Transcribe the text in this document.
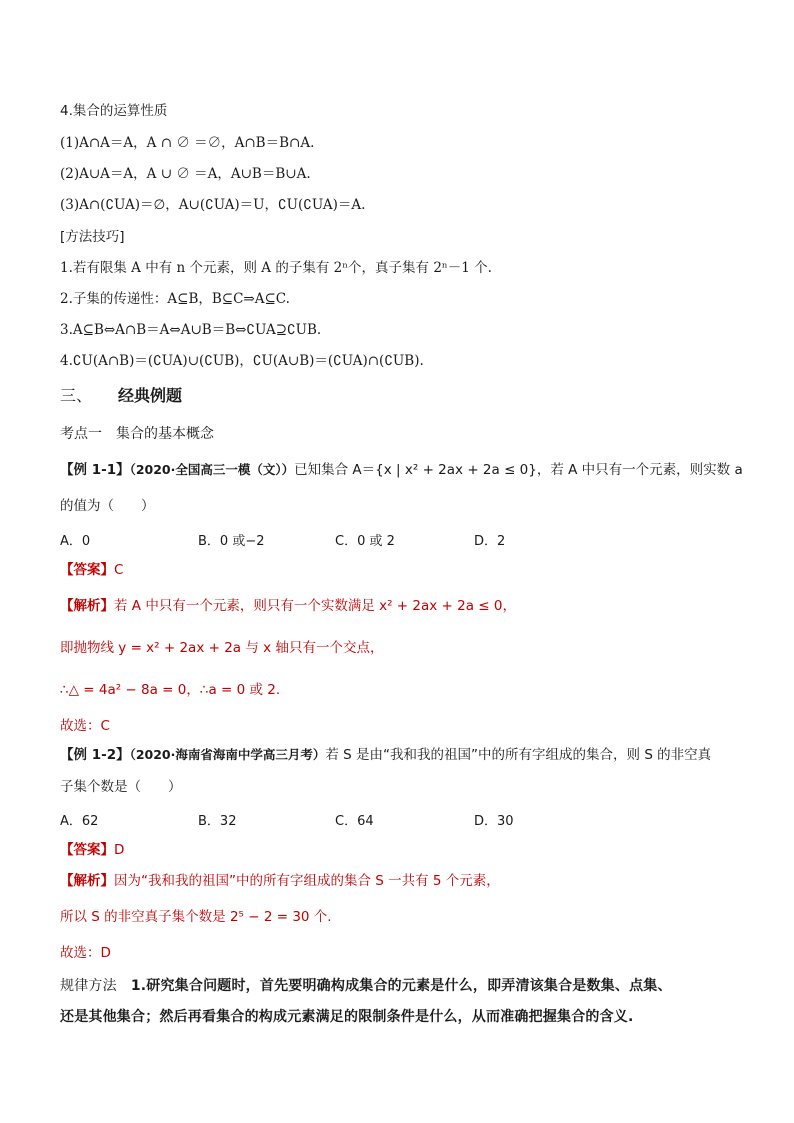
4.集合的运算性质
(1)A∩A＝A，A ∩ ∅ ＝∅，A∩B＝B∩A.
(2)A∪A＝A，A ∪ ∅ ＝A，A∪B＝B∪A.
(3)A∩(∁UA)＝∅，A∪(∁UA)＝U，∁U(∁UA)＝A.
[方法技巧]
1.若有限集 A 中有 n 个元素，则 A 的子集有 2ⁿ个，真子集有 2ⁿ－1 个.
2.子集的传递性：A⊆B，B⊆C⇒A⊆C.
3.A⊆B⇔A∩B＝A⇔A∪B＝B⇔∁UA⊇∁UB.
4.∁U(A∩B)＝(∁UA)∪(∁UB)，∁U(A∪B)＝(∁UA)∩(∁UB).
三、 经典例题
考点一　集合的基本概念
【例 1-1】（2020·全国高三一模（文））已知集合 A＝{x | x² + 2ax + 2a ≤ 0}，若 A 中只有一个元素，则实数 a
的值为（　　）
A．0	B．0 或−2	C．0 或 2	D．2
【答案】C
【解析】若 A 中只有一个元素，则只有一个实数满足 x² + 2ax + 2a ≤ 0，
即抛物线 y = x² + 2ax + 2a 与 x 轴只有一个交点，
∴△ = 4a² − 8a = 0，∴a = 0 或 2.
故选：C
【例 1-2】（2020·海南省海南中学高三月考）若 S 是由“我和我的祖国”中的所有字组成的集合，则 S 的非空真
子集个数是（　　）
A．62	B．32	C．64	D．30
【答案】D
【解析】因为“我和我的祖国”中的所有字组成的集合 S 一共有 5 个元素，
所以 S 的非空真子集个数是 2⁵ − 2 = 30 个.
故选：D
规律方法 1.研究集合问题时，首先要明确构成集合的元素是什么，即弄清该集合是数集、点集、
还是其他集合；然后再看集合的构成元素满足的限制条件是什么，从而准确把握集合的含义.
